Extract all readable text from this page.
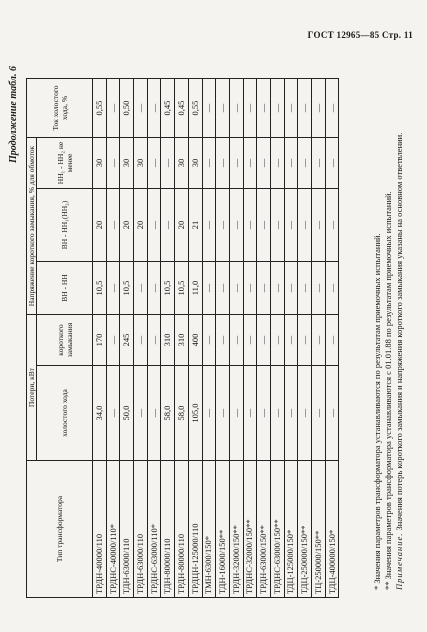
ГОСТ 12965—85 Стр. 11
Продолжение табл. 6
Тип трансформатора	Потери, кВт		Напряжение короткого замыкания, % для обмоток			Ток холостого хода, %
	холостого хода	короткого замыкания	ВН - НН	ВН - НН₁(НН₂)	НН₁ - НН₂ не менее	
ТРДН-40000/110	34,0	170	10,5	20	30	0,55
ТРДНС-40000/110*	—	—	—	—	—	—
ТДН-63000/110	50,0	245	10,5	20	30	0,50
ТРДН-63000/110	—	—	—	20	30	—
ТРДНС-63000/110*	—	—	—	—	—	—
ТДН-80000/110	58,0	310	10,5	—	—	0,45
ТРДН-80000/110	58,0	310	10,5	20	30	0,45
ТРДЦН-125000/110	105,0	400	11,0	21	30	0,55
ТМН-6300/150*	—	—	—	—	—	—
ТДН-16000/150**	—	—	—	—	—	—
ТРДН-32000/150**	—	—	—	—	—	—
ТРДНС-32000/150**	—	—	—	—	—	—
ТРДН-63000/150**	—	—	—	—	—	—
ТРДНС-63000/150**	—	—	—	—	—	—
ТДЦ-125000/150*	—	—	—	—	—	—
ТДЦ-250000/150**	—	—	—	—	—	—
ТЦ-250000/150**	—	—	—	—	—	—
ТДЦ-400000/150*	—	—	—	—	—	—

* Значения параметров трансформатора устанавливаются по результатам приемочных испытаний. ** Значения параметров трансформатора устанавливаются с 01.01.88 по результатам приемочных испытаний. Примечание. Значения потерь короткого замыкания и напряжения короткого замыкания указаны на основном ответвлении.
